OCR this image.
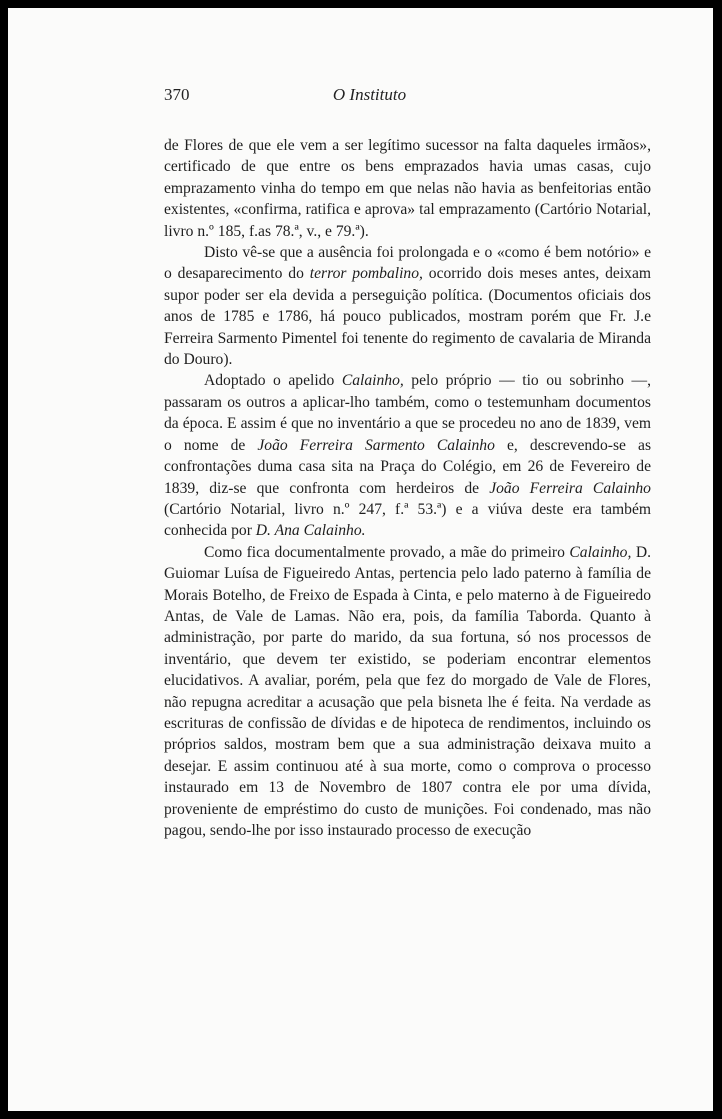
370	O Instituto

de Flores de que ele vem a ser legítimo sucessor na falta daqueles irmãos», certificado de que entre os bens emprazados havia umas casas, cujo emprazamento vinha do tempo em que nelas não havia as benfeitorias então existentes, «confirma, ratifica e aprova» tal emprazamento (Cartório Notarial, livro n.º 185, f.as 78.ª, v., e 79.ª).

Disto vê-se que a ausência foi prolongada e o «como é bem notório» e o desaparecimento do terror pombalino, ocorrido dois meses antes, deixam supor poder ser ela devida a perseguição política. (Documentos oficiais dos anos de 1785 e 1786, há pouco publicados, mostram porém que Fr. J.e Ferreira Sarmento Pimentel foi tenente do regimento de cavalaria de Miranda do Douro).

Adoptado o apelido Calainho, pelo próprio — tio ou sobrinho —, passaram os outros a aplicar-lho também, como o testemunham documentos da época. E assim é que no inventário a que se procedeu no ano de 1839, vem o nome de João Ferreira Sarmento Calainho e, descrevendo-se as confrontações duma casa sita na Praça do Colégio, em 26 de Fevereiro de 1839, diz-se que confronta com herdeiros de João Ferreira Calainho (Cartório Notarial, livro n.º 247, f.ª 53.ª) e a viúva deste era também conhecida por D. Ana Calainho.

Como fica documentalmente provado, a mãe do primeiro Calainho, D. Guiomar Luísa de Figueiredo Antas, pertencia pelo lado paterno à família de Morais Botelho, de Freixo de Espada à Cinta, e pelo materno à de Figueiredo Antas, de Vale de Lamas. Não era, pois, da família Taborda. Quanto à administração, por parte do marido, da sua fortuna, só nos processos de inventário, que devem ter existido, se poderiam encontrar elementos elucidativos. A avaliar, porém, pela que fez do morgado de Vale de Flores, não repugna acreditar a acusação que pela bisneta lhe é feita. Na verdade as escrituras de confissão de dívidas e de hipoteca de rendimentos, incluindo os próprios saldos, mostram bem que a sua administração deixava muito a desejar. E assim continuou até à sua morte, como o comprova o processo instaurado em 13 de Novembro de 1807 contra ele por uma dívida, proveniente de empréstimo do custo de munições. Foi condenado, mas não pagou, sendo-lhe por isso instaurado processo de execução
